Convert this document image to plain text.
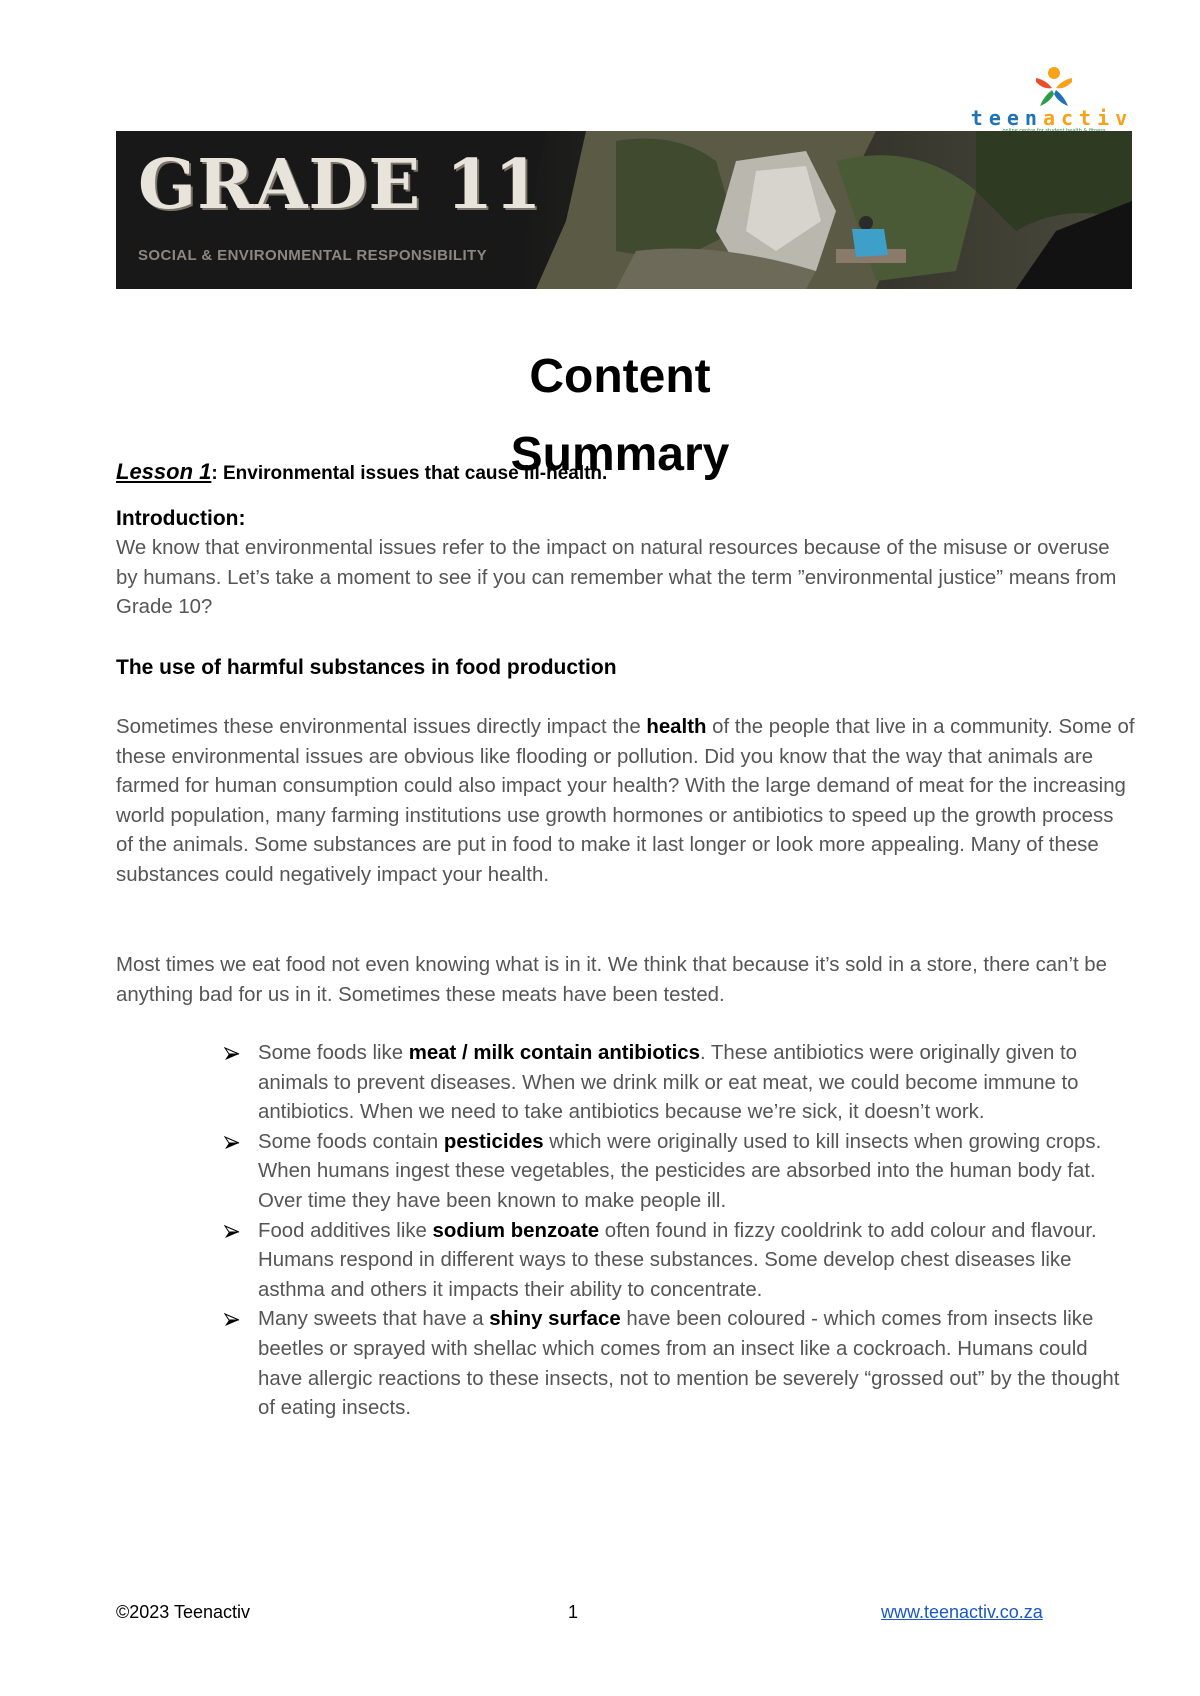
teenactiv
GRADE 11
SOCIAL & ENVIRONMENTAL RESPONSIBILITY
Content
Summary
Lesson 1: Environmental issues that cause ill-health.
Introduction:
We know that environmental issues refer to the impact on natural resources because of the misuse or overuse by humans. Let’s take a moment to see if you can remember what the term ”environmental justice” means from Grade 10?
The use of harmful substances in food production
Sometimes these environmental issues directly impact the health of the people that live in a community. Some of these environmental issues are obvious like flooding or pollution. Did you know that the way that animals are farmed for human consumption could also impact your health? With the large demand of meat for the increasing world population, many farming institutions use growth hormones or antibiotics to speed up the growth process of the animals. Some substances are put in food to make it last longer or look more appealing. Many of these substances could negatively impact your health.
Most times we eat food not even knowing what is in it. We think that because it’s sold in a store, there can’t be anything bad for us in it. Sometimes these meats have been tested.
Some foods like meat / milk contain antibiotics. These antibiotics were originally given to animals to prevent diseases. When we drink milk or eat meat, we could become immune to antibiotics. When we need to take antibiotics because we’re sick, it doesn’t work.
Some foods contain pesticides which were originally used to kill insects when growing crops. When humans ingest these vegetables, the pesticides are absorbed into the human body fat. Over time they have been known to make people ill.
Food additives like sodium benzoate often found in fizzy cooldrink to add colour and flavour. Humans respond in different ways to these substances. Some develop chest diseases like asthma and others it impacts their ability to concentrate.
Many sweets that have a shiny surface have been coloured - which comes from insects like beetles or sprayed with shellac which comes from an insect like a cockroach. Humans could have allergic reactions to these insects, not to mention be severely “grossed out” by the thought of eating insects.
©2023 Teenactiv	1	www.teenactiv.co.za
